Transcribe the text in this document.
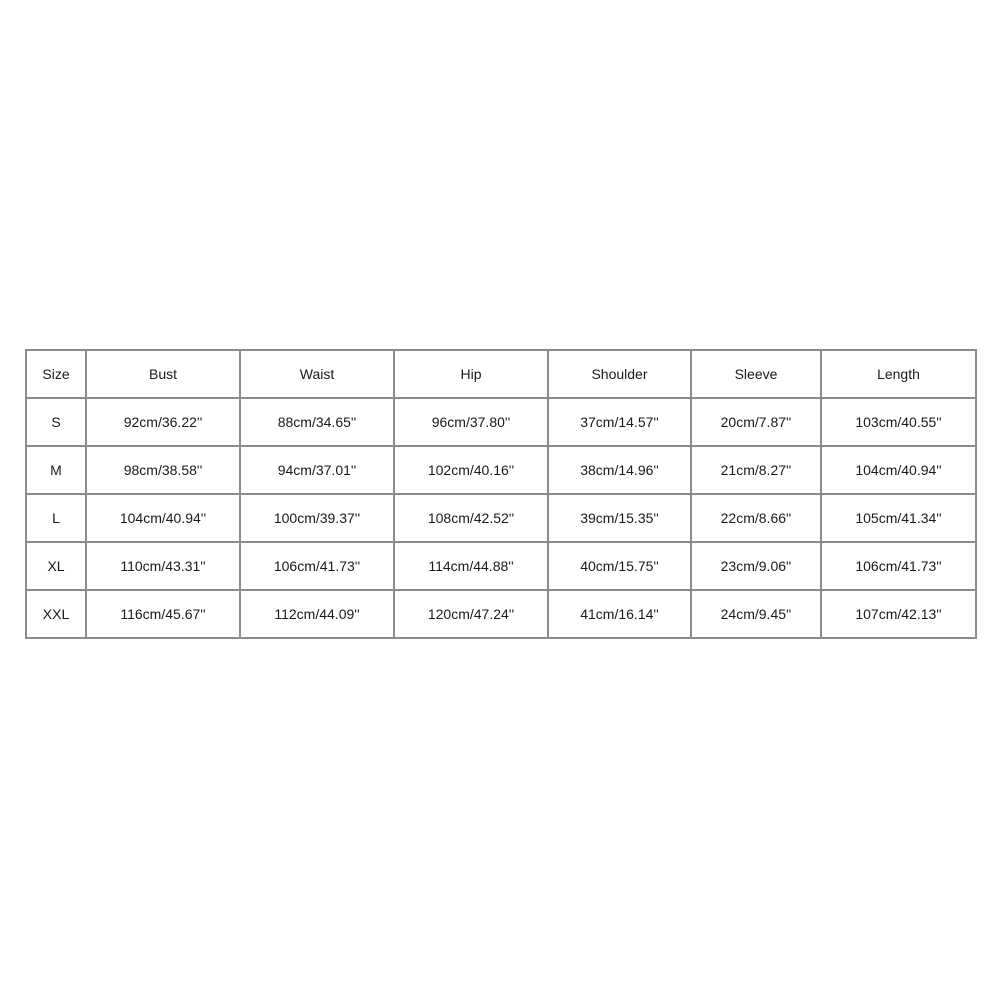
Size	Bust	Waist	Hip	Shoulder	Sleeve	Length
S	92cm/36.22''	88cm/34.65''	96cm/37.80''	37cm/14.57''	20cm/7.87''	103cm/40.55''
M	98cm/38.58''	94cm/37.01''	102cm/40.16''	38cm/14.96''	21cm/8.27''	104cm/40.94''
L	104cm/40.94''	100cm/39.37''	108cm/42.52''	39cm/15.35''	22cm/8.66''	105cm/41.34''
XL	110cm/43.31''	106cm/41.73''	114cm/44.88''	40cm/15.75''	23cm/9.06''	106cm/41.73''
XXL	116cm/45.67''	112cm/44.09''	120cm/47.24''	41cm/16.14''	24cm/9.45''	107cm/42.13''
